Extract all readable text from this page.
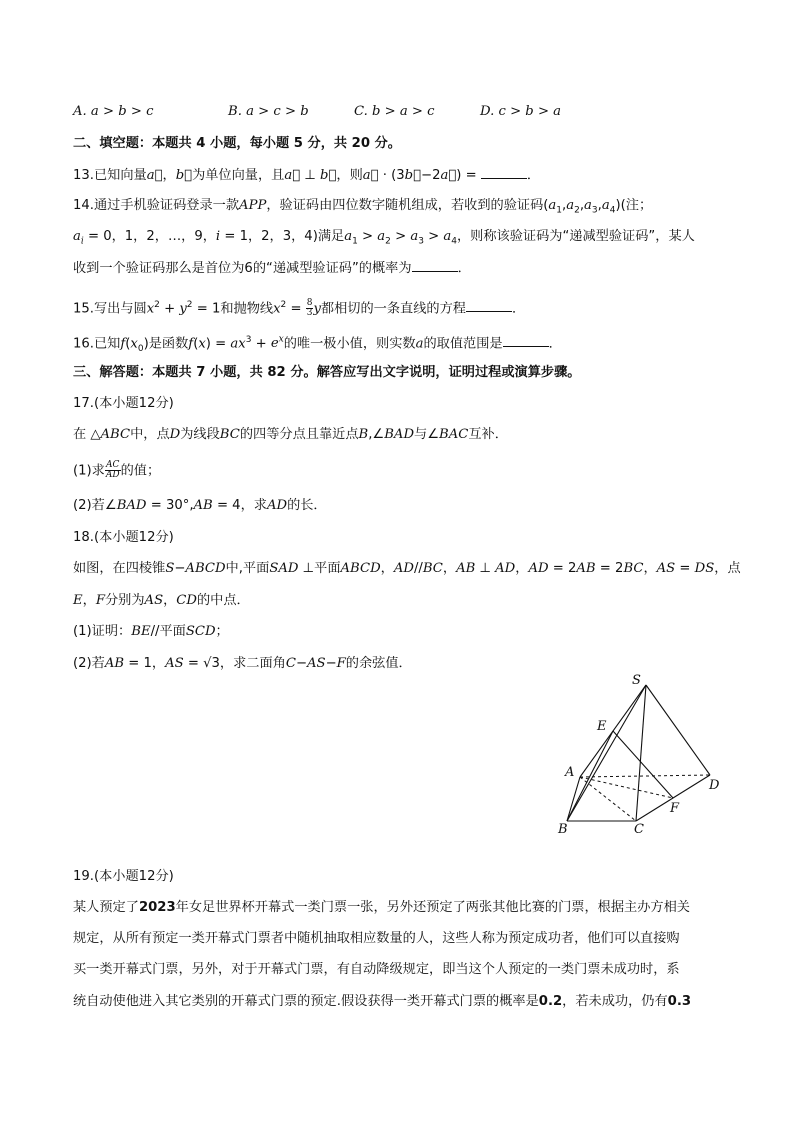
A. a > b > c	B. a > c > b	C. b > a > c	D. c > b > a
二、填空题：本题共 4 小题，每小题 5 分，共 20 分。
13.已知向量a⃗，b⃗为单位向量，且a⃗ ⊥ b⃗，则a⃗ · (3b⃗−2a⃗) =	．
14.通过手机验证码登录一款APP，验证码由四位数字随机组成，若收到的验证码$(a_1,a_2,a_3,a_4)$(注；
$a_i = 0$，1，2，…，9，i = 1，2，3，4)满足$a_1 > a_2 > a_3 > a_4$，则称该验证码为“递减型验证码”，某人
收到一个验证码那么是首位为6的“递减型验证码”的概率为	．
15.写出与圆$x^2 + y^2 = 1$和抛物线$x^2 = \frac{8}{3}$ y都相切的一条直线的方程	．
16.已知$f(x_0)$是函数$f(x) = ax^3 + e^x$的唯一极小值，则实数a的取值范围是	．
三、解答题：本题共 7 小题，共 82 分。解答应写出文字说明，证明过程或演算步骤。
17.(本小题12分)
在 △ABC中，点D为线段BC的四等分点且靠近点B,∠BAD与∠BAC互补．
(1)求 $\frac{AC}{AD}$ 的值；
(2)若∠BAD = 30°,AB = 4，求AD的长．
18.(本小题12分)
如图，在四棱锥S−ABCD中,平面SAD ⊥平面ABCD，AD//BC，AB ⊥ AD，AD = 2AB = 2BC，AS = DS，点
E，F分别为AS，CD的中点．
(1)证明：BE//平面SCD；
(2)若AB = 1，AS = √3，求二面角C−AS−F的余弦值．
S
E
A
D
F
B	C
19.(本小题12分)
某人预定了2023年女足世界杯开幕式一类门票一张，另外还预定了两张其他比赛的门票，根据主办方相关
规定，从所有预定一类开幕式门票者中随机抽取相应数量的人，这些人称为预定成功者，他们可以直接购
买一类开幕式门票，另外，对于开幕式门票，有自动降级规定，即当这个人预定的一类门票未成功时，系
统自动使他进入其它类别的开幕式门票的预定.假设获得一类开幕式门票的概率是0.2，若未成功，仍有0.3
